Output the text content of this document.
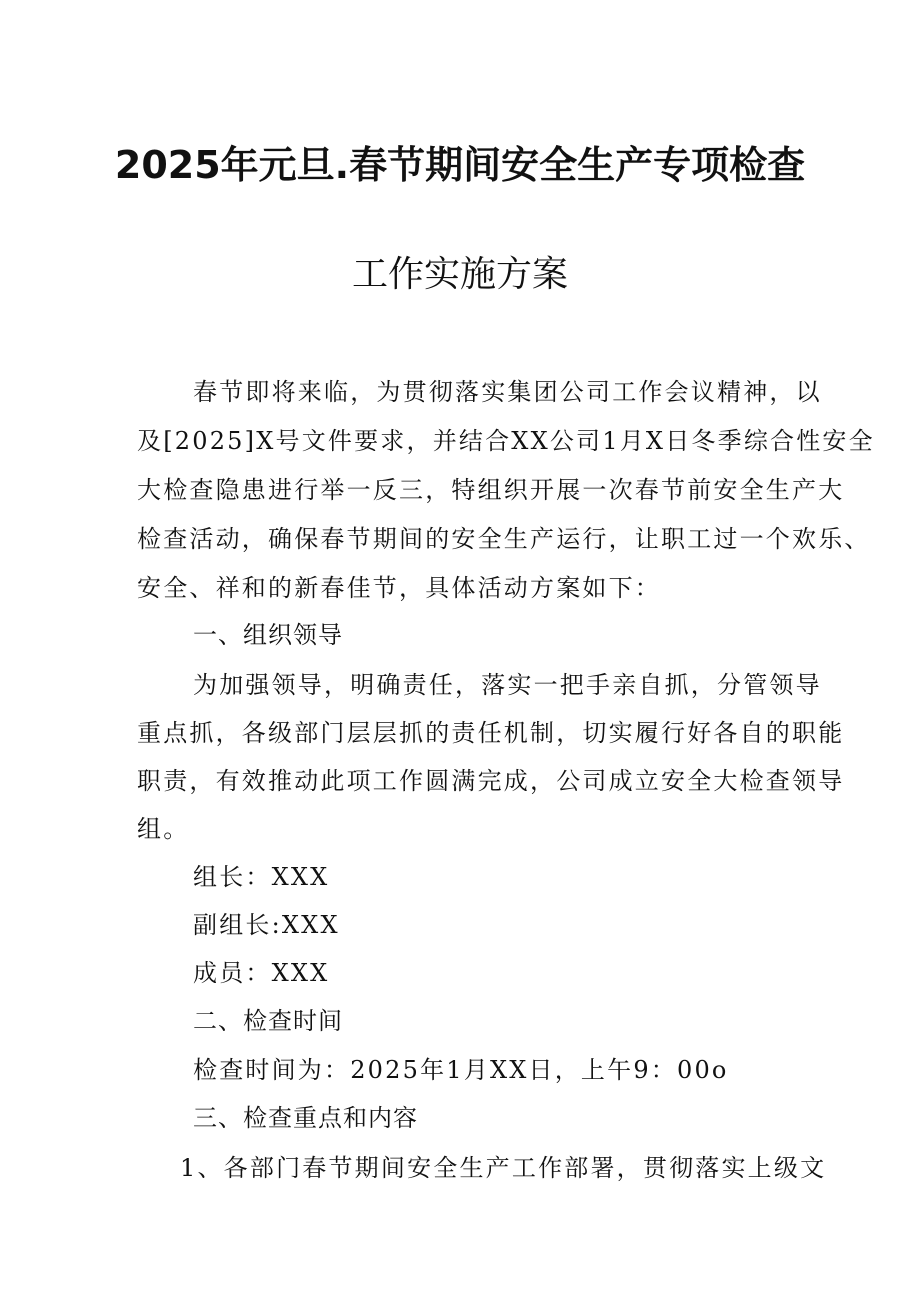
2025年元旦.春节期间安全生产专项检查
工作实施方案
春节即将来临，为贯彻落实集团公司工作会议精神，以
及[2025]X号文件要求，并结合XX公司1月X日冬季综合性安全
大检查隐患进行举一反三，特组织开展一次春节前安全生产大
检查活动，确保春节期间的安全生产运行，让职工过一个欢乐、
安全、祥和的新春佳节，具体活动方案如下：
一、组织领导
为加强领导，明确责任，落实一把手亲自抓，分管领导
重点抓，各级部门层层抓的责任机制，切实履行好各自的职能
职责，有效推动此项工作圆满完成，公司成立安全大检查领导
组。
组长：XXX
副组长:XXX
成员：XXX
二、检查时间
检查时间为：2025年1月XX日，上午9：00o
三、检查重点和内容
1、各部门春节期间安全生产工作部署，贯彻落实上级文
